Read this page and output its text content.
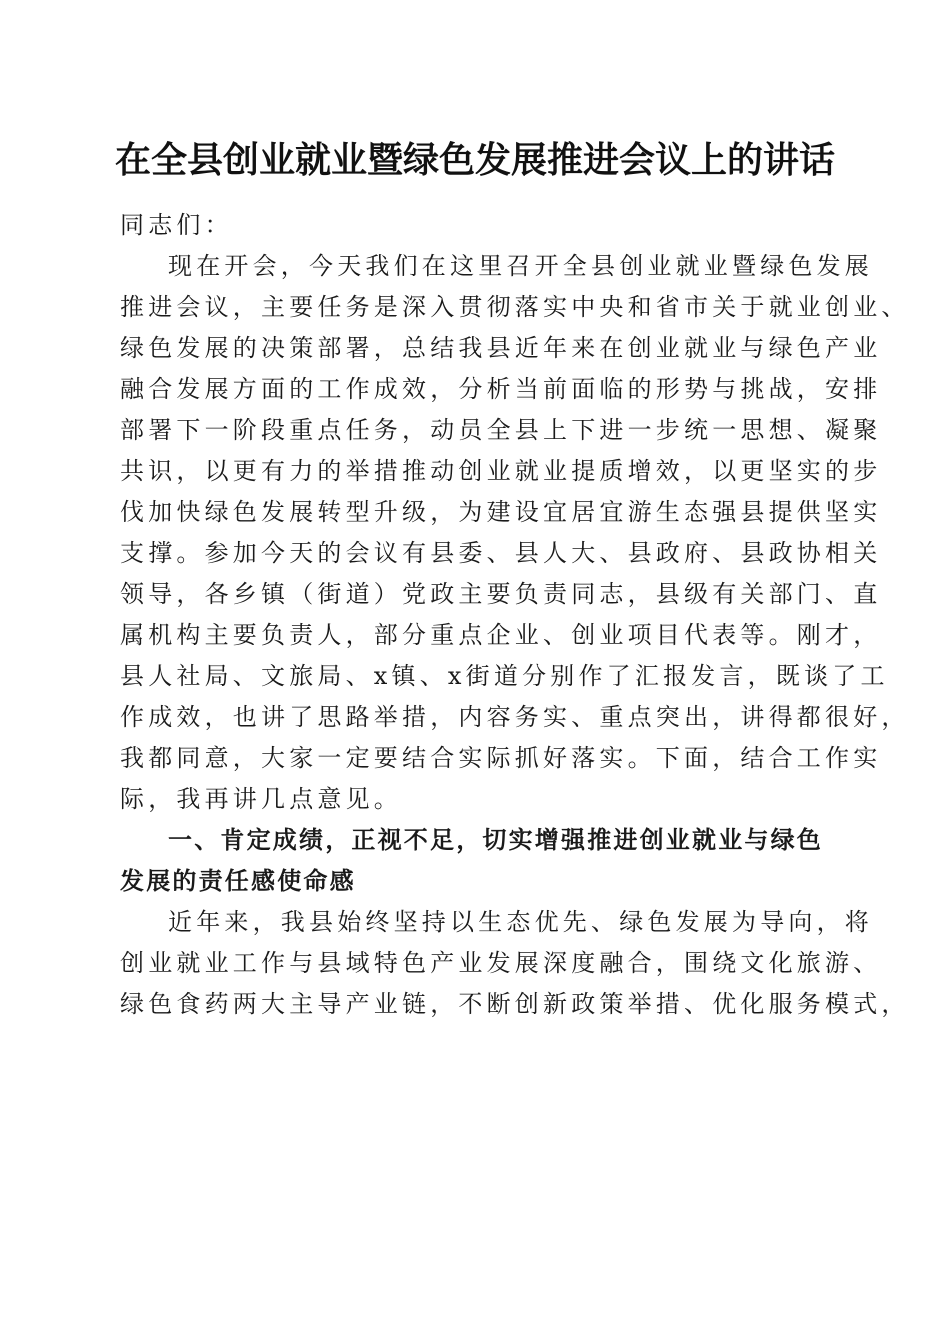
在全县创业就业暨绿色发展推进会议上的讲话
同志们：
现在开会，今天我们在这里召开全县创业就业暨绿色发展
推进会议，主要任务是深入贯彻落实中央和省市关于就业创业、
绿色发展的决策部署，总结我县近年来在创业就业与绿色产业
融合发展方面的工作成效，分析当前面临的形势与挑战，安排
部署下一阶段重点任务，动员全县上下进一步统一思想、凝聚
共识，以更有力的举措推动创业就业提质增效，以更坚实的步
伐加快绿色发展转型升级，为建设宜居宜游生态强县提供坚实
支撑。参加今天的会议有县委、县人大、县政府、县政协相关
领导，各乡镇（街道）党政主要负责同志，县级有关部门、直
属机构主要负责人，部分重点企业、创业项目代表等。刚才，
县人社局、文旅局、x镇、x街道分别作了汇报发言，既谈了工
作成效，也讲了思路举措，内容务实、重点突出，讲得都很好，
我都同意，大家一定要结合实际抓好落实。下面，结合工作实
际，我再讲几点意见。
一、肯定成绩，正视不足，切实增强推进创业就业与绿色
发展的责任感使命感
近年来，我县始终坚持以生态优先、绿色发展为导向，将
创业就业工作与县域特色产业发展深度融合，围绕文化旅游、
绿色食药两大主导产业链，不断创新政策举措、优化服务模式，
